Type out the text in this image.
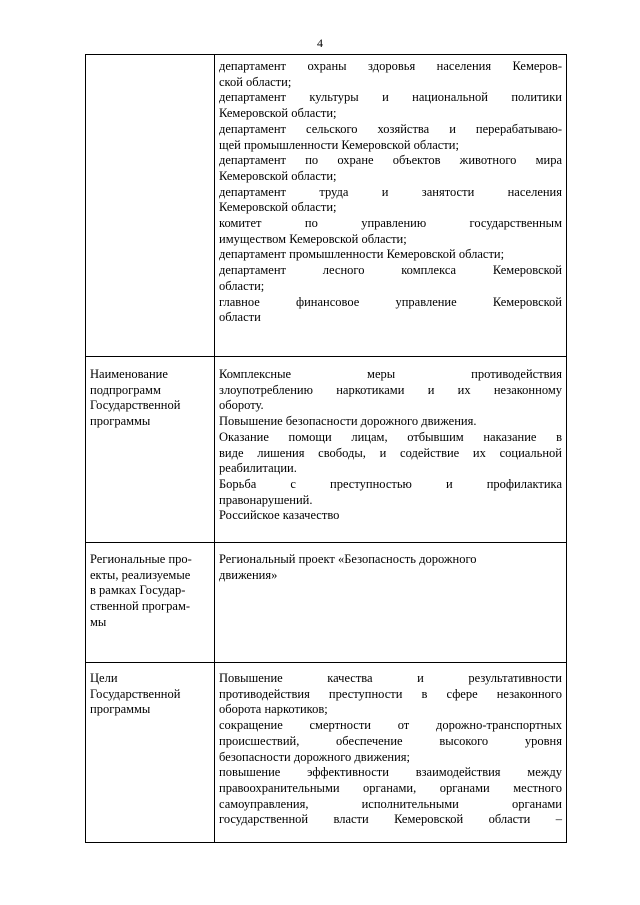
4
департамент охраны здоровья населения Кемеров-
ской области;
департамент культуры и национальной политики
Кемеровской области;
департамент сельского хозяйства и перерабатываю-
щей промышленности Кемеровской области;
департамент по охране объектов животного мира
Кемеровской области;
департамент труда и занятости населения
Кемеровской области;
комитет по управлению государственным
имуществом Кемеровской области;
департамент промышленности Кемеровской области;
департамент лесного комплекса Кемеровской
области;
главное финансовое управление Кемеровской
области
Наименование
подпрограмм
Государственной
программы
Комплексные меры противодействия
злоупотреблению наркотиками и их незаконному
обороту.
Повышение безопасности дорожного движения.
Оказание помощи лицам, отбывшим наказание в
виде лишения свободы, и содействие их социальной
реабилитации.
Борьба с преступностью и профилактика
правонарушений.
Российское казачество
Региональные про-
екты, реализуемые
в рамках Государ-
ственной програм-
мы
Региональный проект «Безопасность дорожного
движения»
Цели
Государственной
программы
Повышение качества и результативности
противодействия преступности в сфере незаконного
оборота наркотиков;
сокращение смертности от дорожно-транспортных
происшествий, обеспечение высокого уровня
безопасности дорожного движения;
повышение эффективности взаимодействия между
правоохранительными органами, органами местного
самоуправления, исполнительными органами
государственной власти Кемеровской области –
